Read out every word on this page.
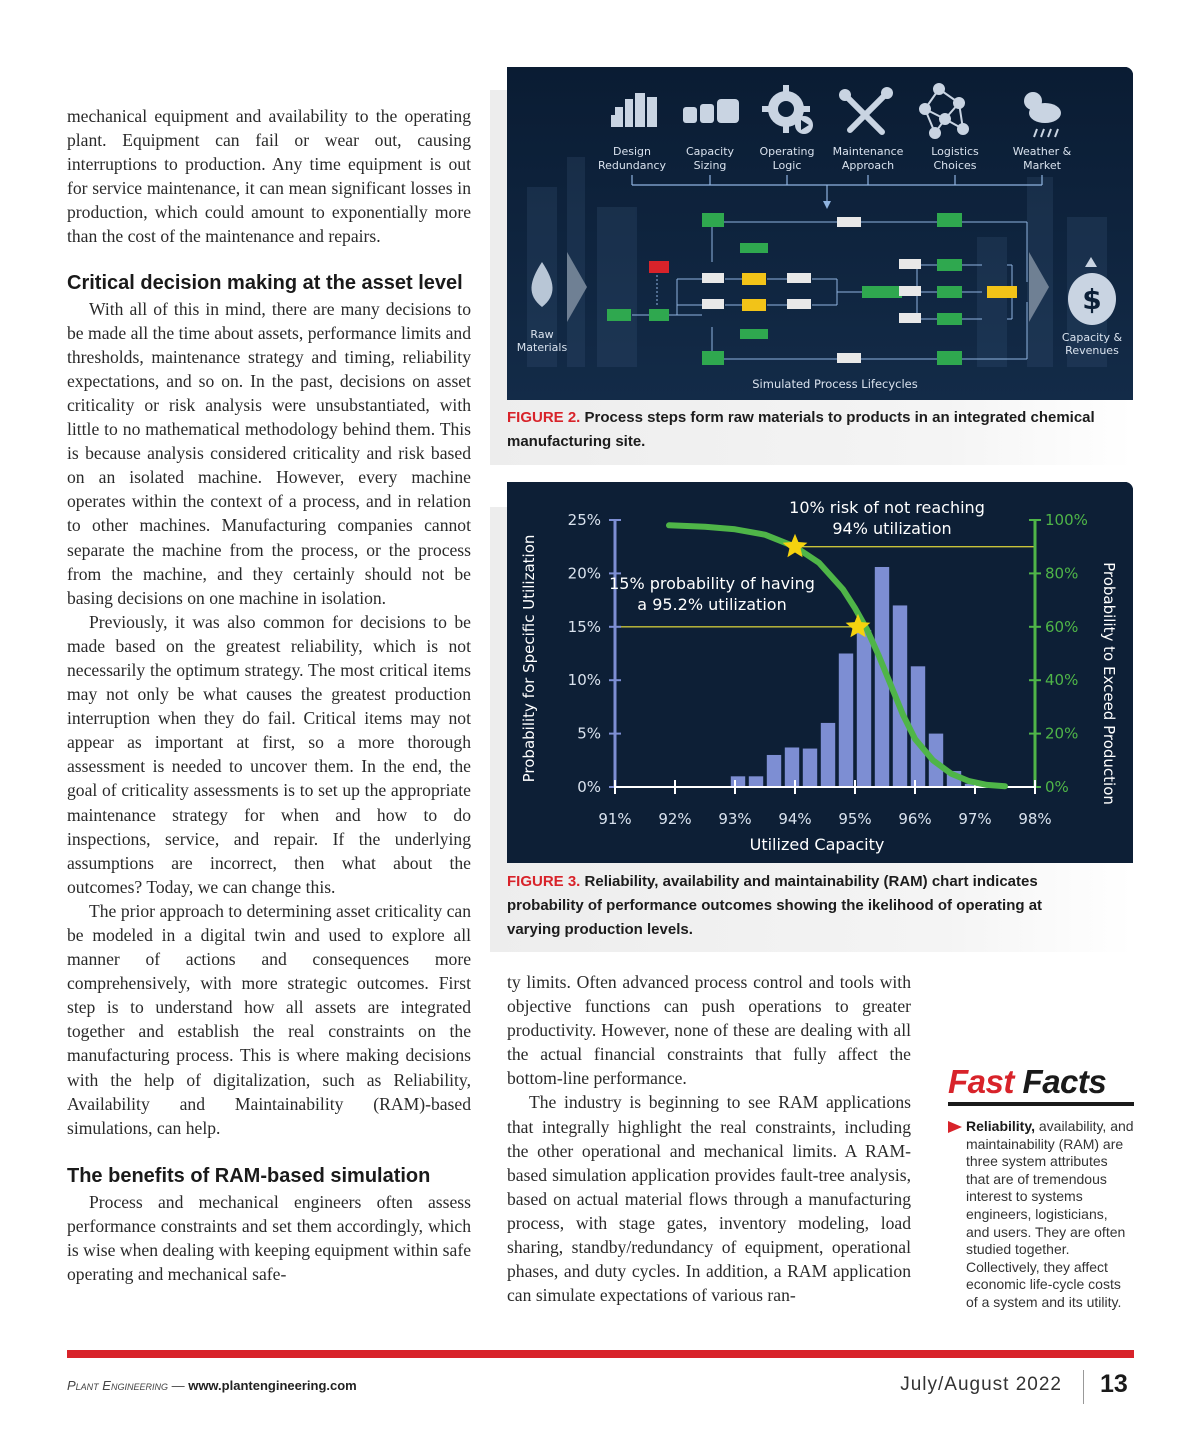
mechanical equipment and availability to the operating plant. Equipment can fail or wear out, causing interruptions to production. Any time equipment is out for service maintenance, it can mean significant losses in production, which could amount to exponentially more than the cost of the maintenance and repairs.

Critical decision making at the asset level

With all of this in mind, there are many decisions to be made all the time about assets, performance limits and thresholds, maintenance strategy and timing, reliability expectations, and so on. In the past, decisions on asset criticality or risk analysis were unsubstantiated, with little to no mathematical methodology behind them. This is because analysis considered criticality and risk based on an isolated machine. However, every machine operates within the context of a process, and in relation to other machines. Manufacturing companies cannot separate the machine from the process, or the process from the machine, and they certainly should not be basing decisions on one machine in isolation.

Previously, it was also common for decisions to be made based on the greatest reliability, which is not necessarily the optimum strategy. The most critical items may not only be what causes the greatest production interruption when they do fail. Critical items may not appear as important at first, so a more thorough assessment is needed to uncover them. In the end, the goal of criticality assessments is to set up the appropriate maintenance strategy for when and how to do inspections, service, and repair. If the underlying assumptions are incorrect, then what about the outcomes? Today, we can change this.

The prior approach to determining asset criticality can be modeled in a digital twin and used to explore all manner of actions and consequences more comprehensively, with more strategic outcomes. First step is to understand how all assets are integrated together and establish the real constraints on the manufacturing process. This is where making decisions with the help of digitalization, such as Reliability, Availability and Maintainability (RAM)-based simulations, can help.

The benefits of RAM-based simulation

Process and mechanical engineers often assess performance constraints and set them accordingly, which is wise when dealing with keeping equipment within safe operating and mechanical safe-

Design
Redundancy
Capacity
Sizing
Operating
Logic
Maintenance
Approach
Logistics
Choices
Weather &
Market
Raw
Materials
$
Capacity &
Revenues
Simulated Process Lifecycles
FIGURE 2. Process steps form raw materials to products in an integrated chemical manufacturing site.
0%
5%
10%
15%
20%
25%
0%
20%
40%
60%
80%
100%
91% 92% 93% 94% 95% 96% 97% 98%
10% risk of not reaching
94% utilization
15% probability of having
a 95.2% utilization
Utilized Capacity
Probability for Specific Utilization	Probability to Exceed Production
FIGURE 3. Reliability, availability and maintainability (RAM) chart indicates probability of performance outcomes showing the ikelihood of operating at varying production levels.

ty limits. Often advanced process control and tools with objective functions can push operations to greater productivity. However, none of these are dealing with all the actual financial constraints that fully affect the bottom-line performance.

The industry is beginning to see RAM applications that integrally highlight the real constraints, including the other operational and mechanical limits. A RAM-based simulation application provides fault-tree analysis, based on actual material flows through a manufacturing process, with stage gates, inventory modeling, load sharing, standby/redundancy of equipment, operational phases, and duty cycles. In addition, a RAM application can simulate expectations of various ran-

Fast Facts
Reliability, availability, and maintainability (RAM) are three system attributes that are of tremendous interest to systems engineers, logisticians, and users. They are often studied together. Collectively, they affect economic life-cycle costs of a system and its utility.
Plant Engineering — www.plantengineering.com	July/August 2022 13
